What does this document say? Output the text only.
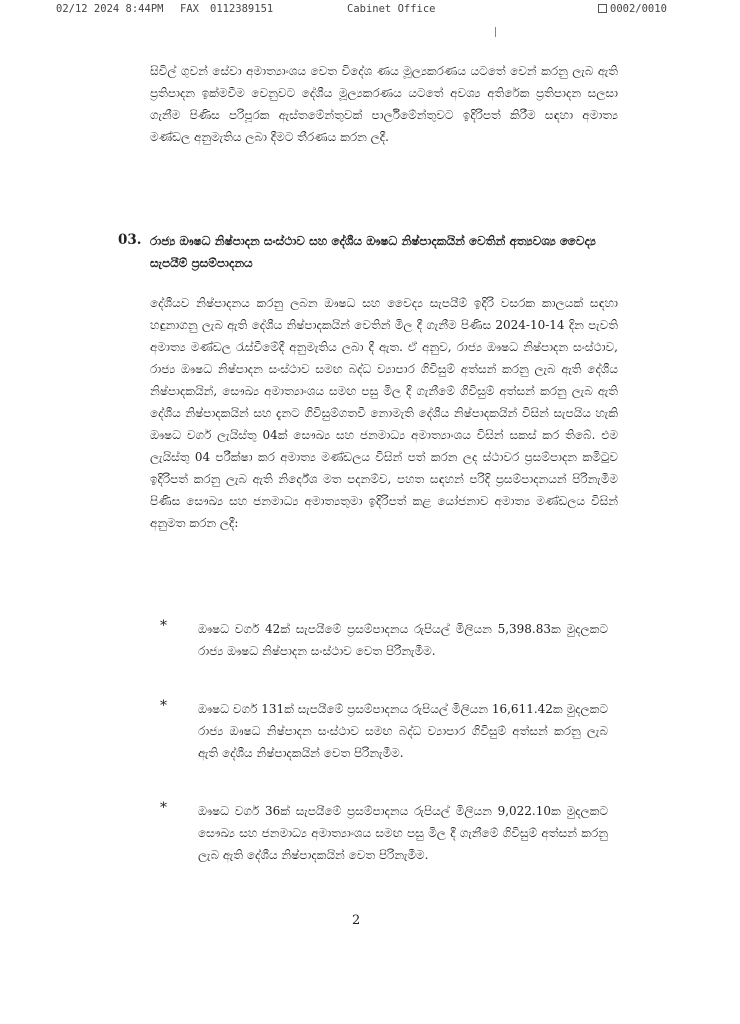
02/12 2024 8:44PM FAX 0112389151	Cabinet Office	0002/0010
සිවිල් ගුවන් සේවා අමාත්‍යාංශය වෙත විදේශ ණය මූල්‍යකරණය යටතේ වෙන් කරනු ලැබ ඇති ප්‍රතිපාදන ඉක්මවීම වෙනුවට දේශීය මූල්‍යකරණය යටතේ අවශ්‍ය අතිරේක ප්‍රතිපාදන සලසා ගැනීම පිණිස පරිපූරක ඇස්තමේන්තුවක් පාර්ලිමේන්තුවට ඉදිරිපත් කිරීම සඳහා අමාත්‍ය මණ්ඩල අනුමැතිය ලබා දීමට තීරණය කරන ලදී.
03. රාජ්‍ය ඖෂධ නිෂ්පාදන සංස්ථාව සහ දේශීය ඖෂධ නිෂ්පාදකයින් වෙතින් අත්‍යවශ්‍ය වෛද්‍ය සැපයීම් ප්‍රසම්පාදනය
දේශීයව නිෂ්පාදනය කරනු ලබන ඖෂධ සහ වෛද්‍ය සැපයීම් ඉදිරි වසරක කාලයක් සඳහා හඳුනාගනු ලැබ ඇති දේශීය නිෂ්පාදකයින් වෙතින් මිල දී ගැනීම පිණිස 2024-10-14 දින පැවති අමාත්‍ය මණ්ඩල රැස්වීමේදී අනුමැතිය ලබා දී ඇත. ඒ අනුව, රාජ්‍ය ඖෂධ නිෂ්පාදන සංස්ථාව, රාජ්‍ය ඖෂධ නිෂ්පාදන සංස්ථාව සමඟ බද්ධ ව්‍යාපාර ගිවිසුම් අත්සන් කරනු ලැබ ඇති දේශීය නිෂ්පාදකයින්, සෞඛ්‍ය අමාත්‍යාංශය සමඟ පසු මිල දී ගැනීමේ ගිවිසුම් අත්සන් කරනු ලැබ ඇති දේශීය නිෂ්පාදකයින් සහ දැනට ගිවිසුම්ගතවී නොමැති දේශීය නිෂ්පාදකයින් විසින් සැපයිය හැකි ඖෂධ වර්ග ලැයිස්තු 04ක් සෞඛ්‍ය සහ ජනමාධ්‍ය අමාත්‍යාංශය විසින් සකස් කර තිබේ. එම ලැයිස්තු 04 පරීක්ෂා කර අමාත්‍ය මණ්ඩලය විසින් පත් කරන ලද ස්ථාවර ප්‍රසම්පාදන කමිටුව ඉදිරිපත් කරනු ලැබ ඇති නිර්දේශ මත පදනම්ව, පහත සඳහන් පරිදි ප්‍රසම්පාදනයන් පිරිනැමීම පිණිස සෞඛ්‍ය සහ ජනමාධ්‍ය අමාත්‍යතුමා ඉදිරිපත් කළ යෝජනාව අමාත්‍ය මණ්ඩලය විසින් අනුමත කරන ලදී:
*	ඖෂධ වර්ග 42ක් සැපයීමේ ප්‍රසම්පාදනය රුපියල් මිලියන 5,398.83ක මුදලකට රාජ්‍ය ඖෂධ නිෂ්පාදන සංස්ථාව වෙත පිරිනැමීම.
*	ඖෂධ වර්ග 131ක් සැපයීමේ ප්‍රසම්පාදනය රුපියල් මිලියන 16,611.42ක මුදලකට රාජ්‍ය ඖෂධ නිෂ්පාදන සංස්ථාව සමඟ බද්ධ ව්‍යාපාර ගිවිසුම් අත්සන් කරනු ලැබ ඇති දේශීය නිෂ්පාදකයින් වෙත පිරිනැමීම.
*	ඖෂධ වර්ග 36ක් සැපයීමේ ප්‍රසම්පාදනය රුපියල් මිලියන 9,022.10ක මුදලකට සෞඛ්‍ය සහ ජනමාධ්‍ය අමාත්‍යාංශය සමඟ පසු මිල දී ගැනීමේ ගිවිසුම් අත්සන් කරනු ලැබ ඇති දේශීය නිෂ්පාදකයින් වෙත පිරිනැමීම.
2
